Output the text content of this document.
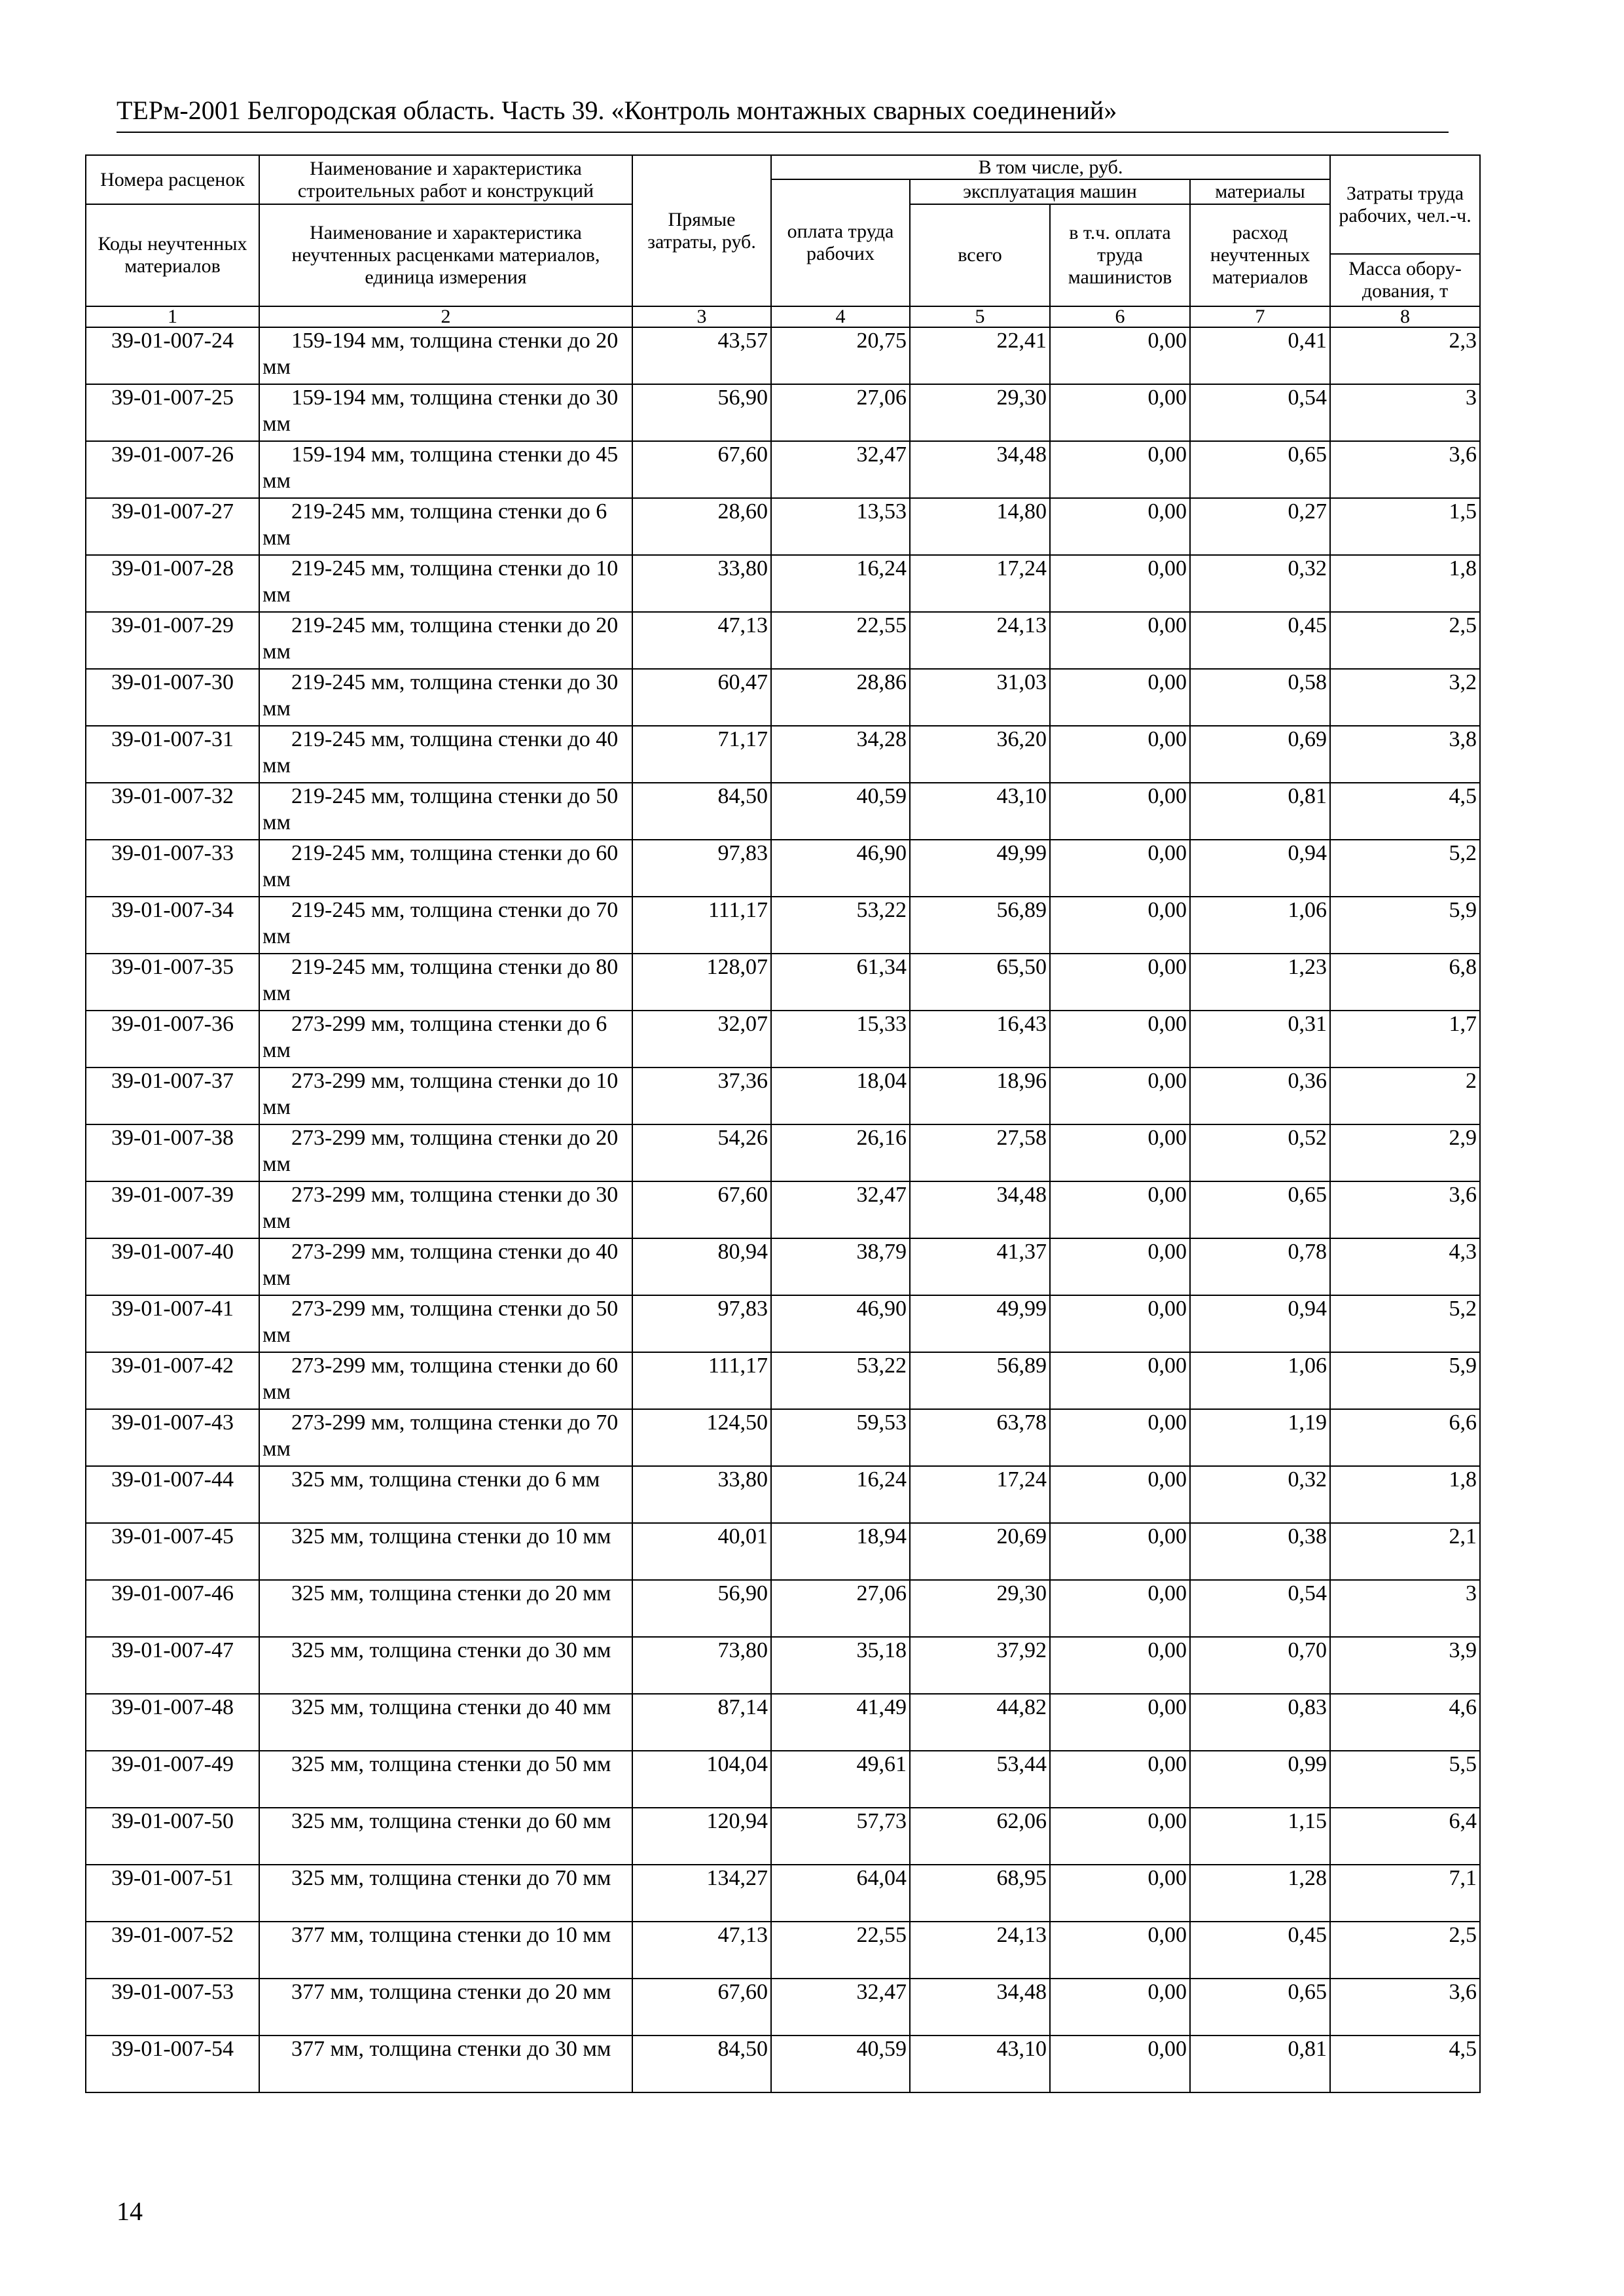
ТЕРм-2001 Белгородская область. Часть 39. «Контроль монтажных сварных соединений»
Номера расценок	Наименование и характеристика строительных работ и конструкций	Прямые затраты, руб.	В том числе, руб.				Затраты труда рабочих, чел.-ч.
			оплата труда рабочих	эксплуатация машин		материалы	
Коды неучтенных материалов	Наименование и характеристика неучтенных расценками материалов, единица измерения			всего	в т.ч. оплата труда машинистов	расход неучтенных материалов	
							Масса обору-дования, т
1	2	3	4	5	6	7	8
39-01-007-24	159-194 мм, толщина стенки до 20 мм	43,57	20,75	22,41	0,00	0,41	2,3
39-01-007-25	159-194 мм, толщина стенки до 30 мм	56,90	27,06	29,30	0,00	0,54	3
39-01-007-26	159-194 мм, толщина стенки до 45 мм	67,60	32,47	34,48	0,00	0,65	3,6
39-01-007-27	219-245 мм, толщина стенки до 6 мм	28,60	13,53	14,80	0,00	0,27	1,5
39-01-007-28	219-245 мм, толщина стенки до 10 мм	33,80	16,24	17,24	0,00	0,32	1,8
39-01-007-29	219-245 мм, толщина стенки до 20 мм	47,13	22,55	24,13	0,00	0,45	2,5
39-01-007-30	219-245 мм, толщина стенки до 30 мм	60,47	28,86	31,03	0,00	0,58	3,2
39-01-007-31	219-245 мм, толщина стенки до 40 мм	71,17	34,28	36,20	0,00	0,69	3,8
39-01-007-32	219-245 мм, толщина стенки до 50 мм	84,50	40,59	43,10	0,00	0,81	4,5
39-01-007-33	219-245 мм, толщина стенки до 60 мм	97,83	46,90	49,99	0,00	0,94	5,2
39-01-007-34	219-245 мм, толщина стенки до 70 мм	111,17	53,22	56,89	0,00	1,06	5,9
39-01-007-35	219-245 мм, толщина стенки до 80 мм	128,07	61,34	65,50	0,00	1,23	6,8
39-01-007-36	273-299 мм, толщина стенки до 6 мм	32,07	15,33	16,43	0,00	0,31	1,7
39-01-007-37	273-299 мм, толщина стенки до 10 мм	37,36	18,04	18,96	0,00	0,36	2
39-01-007-38	273-299 мм, толщина стенки до 20 мм	54,26	26,16	27,58	0,00	0,52	2,9
39-01-007-39	273-299 мм, толщина стенки до 30 мм	67,60	32,47	34,48	0,00	0,65	3,6
39-01-007-40	273-299 мм, толщина стенки до 40 мм	80,94	38,79	41,37	0,00	0,78	4,3
39-01-007-41	273-299 мм, толщина стенки до 50 мм	97,83	46,90	49,99	0,00	0,94	5,2
39-01-007-42	273-299 мм, толщина стенки до 60 мм	111,17	53,22	56,89	0,00	1,06	5,9
39-01-007-43	273-299 мм, толщина стенки до 70 мм	124,50	59,53	63,78	0,00	1,19	6,6
39-01-007-44	325 мм, толщина стенки до 6 мм	33,80	16,24	17,24	0,00	0,32	1,8
39-01-007-45	325 мм, толщина стенки до 10 мм	40,01	18,94	20,69	0,00	0,38	2,1
39-01-007-46	325 мм, толщина стенки до 20 мм	56,90	27,06	29,30	0,00	0,54	3
39-01-007-47	325 мм, толщина стенки до 30 мм	73,80	35,18	37,92	0,00	0,70	3,9
39-01-007-48	325 мм, толщина стенки до 40 мм	87,14	41,49	44,82	0,00	0,83	4,6
39-01-007-49	325 мм, толщина стенки до 50 мм	104,04	49,61	53,44	0,00	0,99	5,5
39-01-007-50	325 мм, толщина стенки до 60 мм	120,94	57,73	62,06	0,00	1,15	6,4
39-01-007-51	325 мм, толщина стенки до 70 мм	134,27	64,04	68,95	0,00	1,28	7,1
39-01-007-52	377 мм, толщина стенки до 10 мм	47,13	22,55	24,13	0,00	0,45	2,5
39-01-007-53	377 мм, толщина стенки до 20 мм	67,60	32,47	34,48	0,00	0,65	3,6
39-01-007-54	377 мм, толщина стенки до 30 мм	84,50	40,59	43,10	0,00	0,81	4,5
14
